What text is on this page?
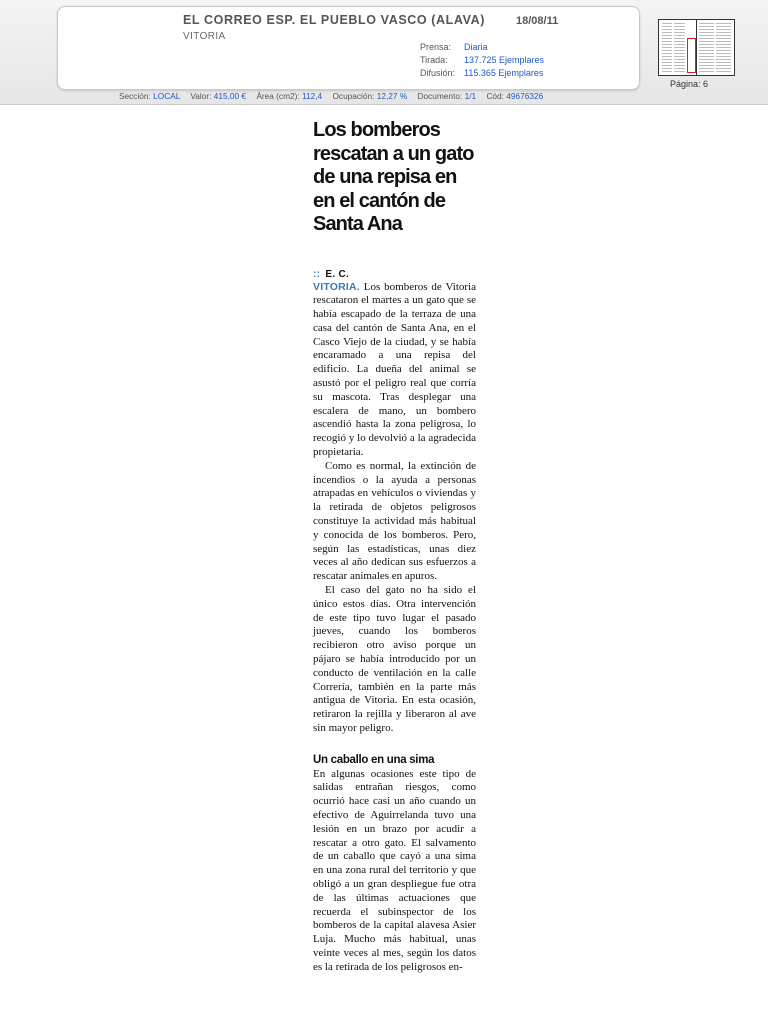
EL CORREO ESP. EL PUEBLO VASCO (ALAVA)	18/08/11
VITORIA
Prensa: Diaria
Tirada: 137.725 Ejemplares
Difusión: 115.365 Ejemplares
Página: 6
Sección: LOCAL Valor: 415,00 € Área (cm2): 112,4 Ocupación: 12,27 % Documento: 1/1 Cód: 49676326
Los bomberos rescatan a un gato de una repisa en en el cantón de Santa Ana
:: E. C.

VITORIA. Los bomberos de Vitoria rescataron el martes a un gato que se había escapado de la terraza de una casa del cantón de Santa Ana, en el Casco Viejo de la ciudad, y se había encaramado a una repisa del edificio. La dueña del animal se asustó por el peligro real que corría su mascota. Tras desplegar una escalera de mano, un bombero ascendió hasta la zona peligrosa, lo recogió y lo devolvió a la agradecida propietaria.

Como es normal, la extinción de incendios o la ayuda a personas atrapadas en vehículos o viviendas y la retirada de objetos peligrosos constituye la actividad más habitual y conocida de los bomberos. Pero, según las estadísticas, unas diez veces al año dedican sus esfuerzos a rescatar animales en apuros.

El caso del gato no ha sido el único estos días. Otra intervención de este tipo tuvo lugar el pasado jueves, cuando los bomberos recibieron otro aviso porque un pájaro se había introducido por un conducto de ventilación en la calle Correría, también en la parte más antigua de Vitoria. En esta ocasión, retiraron la rejilla y liberaron al ave sin mayor peligro.

Un caballo en una sima

En algunas ocasiones este tipo de salidas entrañan riesgos, como ocurrió hace casi un año cuando un efectivo de Aguirrelanda tuvo una lesión en un brazo por acudir a rescatar a otro gato. El salvamento de un caballo que cayó a una sima en una zona rural del territorio y que obligó a un gran despliegue fue otra de las últimas actuaciones que recuerda el subinspector de los bomberos de la capital alavesa Asier Luja. Mucho más habitual, unas veinte veces al mes, según los datos es la retirada de los peligrosos en-
